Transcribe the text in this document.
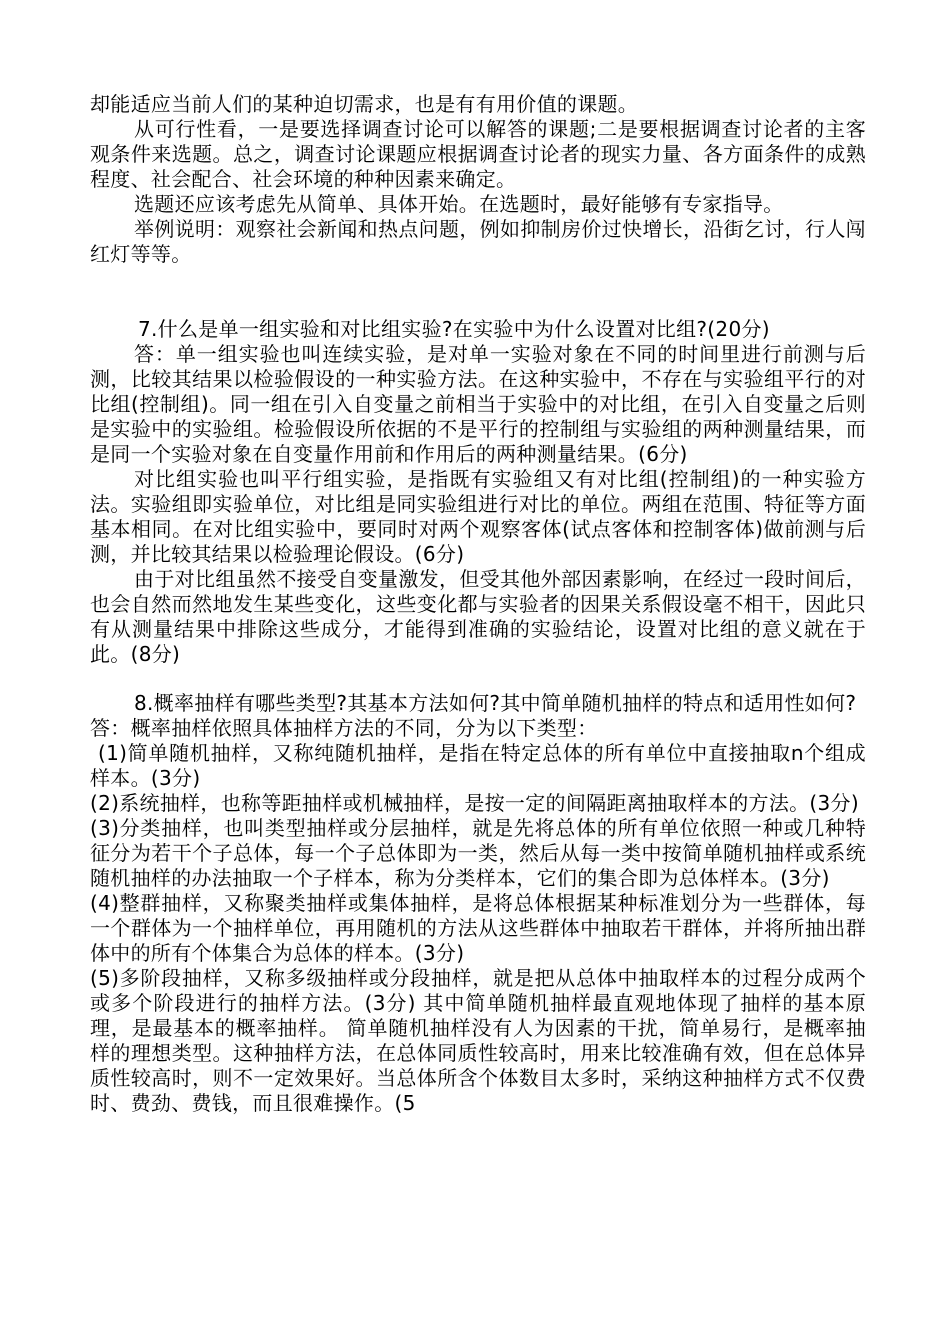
却能适应当前人们的某种迫切需求，也是有有用价值的课题。

从可行性看，一是要选择调查讨论可以解答的课题;二是要根据调查讨论者的主客观条件来选题。总之，调查讨论课题应根据调查讨论者的现实力量、各方面条件的成熟程度、社会配合、社会环境的种种因素来确定。

选题还应该考虑先从简单、具体开始。在选题时，最好能够有专家指导。

举例说明：观察社会新闻和热点问题，例如抑制房价过快增长，沿街乞讨，行人闯红灯等等。

7.什么是单一组实验和对比组实验?在实验中为什么设置对比组?(20分)

答：单一组实验也叫连续实验，是对单一实验对象在不同的时间里进行前测与后测，比较其结果以检验假设的一种实验方法。在这种实验中，不存在与实验组平行的对比组(控制组)。同一组在引入自变量之前相当于实验中的对比组，在引入自变量之后则是实验中的实验组。检验假设所依据的不是平行的控制组与实验组的两种测量结果，而是同一个实验对象在自变量作用前和作用后的两种测量结果。(6分)

对比组实验也叫平行组实验，是指既有实验组又有对比组(控制组)的一种实验方法。实验组即实验单位，对比组是同实验组进行对比的单位。两组在范围、特征等方面基本相同。在对比组实验中，要同时对两个观察客体(试点客体和控制客体)做前测与后测，并比较其结果以检验理论假设。(6分)

由于对比组虽然不接受自变量激发，但受其他外部因素影响，在经过一段时间后，也会自然而然地发生某些变化，这些变化都与实验者的因果关系假设毫不相干，因此只有从测量结果中排除这些成分，才能得到准确的实验结论，设置对比组的意义就在于此。(8分)

8.概率抽样有哪些类型?其基本方法如何?其中简单随机抽样的特点和适用性如何?

答：概率抽样依照具体抽样方法的不同，分为以下类型：

(1)简单随机抽样，又称纯随机抽样，是指在特定总体的所有单位中直接抽取n个组成样本。(3分)

(2)系统抽样，也称等距抽样或机械抽样，是按一定的间隔距离抽取样本的方法。(3分)

(3)分类抽样，也叫类型抽样或分层抽样，就是先将总体的所有单位依照一种或几种特征分为若干个子总体，每一个子总体即为一类，然后从每一类中按简单随机抽样或系统随机抽样的办法抽取一个子样本，称为分类样本，它们的集合即为总体样本。(3分)

(4)整群抽样，又称聚类抽样或集体抽样，是将总体根据某种标准划分为一些群体，每一个群体为一个抽样单位，再用随机的方法从这些群体中抽取若干群体，并将所抽出群体中的所有个体集合为总体的样本。(3分)

(5)多阶段抽样，又称多级抽样或分段抽样，就是把从总体中抽取样本的过程分成两个或多个阶段进行的抽样方法。(3分) 其中简单随机抽样最直观地体现了抽样的基本原理，是最基本的概率抽样。 简单随机抽样没有人为因素的干扰，简单易行，是概率抽样的理想类型。这种抽样方法，在总体同质性较高时，用来比较准确有效，但在总体异质性较高时，则不一定效果好。当总体所含个体数目太多时，采纳这种抽样方式不仅费时、费劲、费钱，而且很难操作。(5
